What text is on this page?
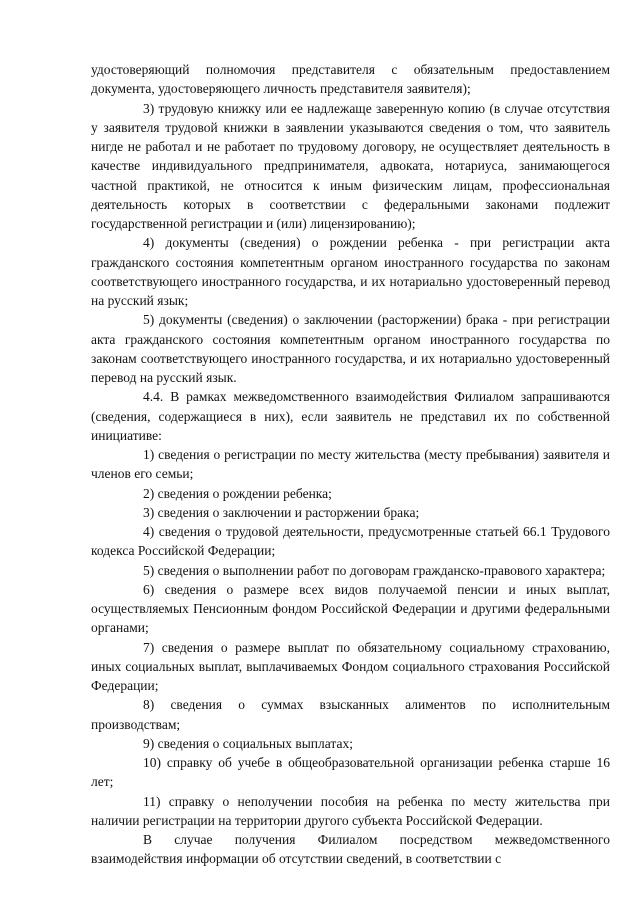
удостоверяющий полномочия представителя с обязательным предоставлением документа, удостоверяющего личность представителя заявителя);

3) трудовую книжку или ее надлежаще заверенную копию (в случае отсутствия у заявителя трудовой книжки в заявлении указываются сведения о том, что заявитель нигде не работал и не работает по трудовому договору, не осуществляет деятельность в качестве индивидуального предпринимателя, адвоката, нотариуса, занимающегося частной практикой, не относится к иным физическим лицам, профессиональная деятельность которых в соответствии с федеральными законами подлежит государственной регистрации и (или) лицензированию);

4) документы (сведения) о рождении ребенка - при регистрации акта гражданского состояния компетентным органом иностранного государства по законам соответствующего иностранного государства, и их нотариально удостоверенный перевод на русский язык;

5) документы (сведения) о заключении (расторжении) брака - при регистрации акта гражданского состояния компетентным органом иностранного государства по законам соответствующего иностранного государства, и их нотариально удостоверенный перевод на русский язык.

4.4. В рамках межведомственного взаимодействия Филиалом запрашиваются (сведения, содержащиеся в них), если заявитель не представил их по собственной инициативе:

1) сведения о регистрации по месту жительства (месту пребывания) заявителя и членов его семьи;

2) сведения о рождении ребенка;

3) сведения о заключении и расторжении брака;

4) сведения о трудовой деятельности, предусмотренные статьей 66.1 Трудового кодекса Российской Федерации;

5) сведения о выполнении работ по договорам гражданско-правового характера;

6) сведения о размере всех видов получаемой пенсии и иных выплат, осуществляемых Пенсионным фондом Российской Федерации и другими федеральными органами;

7) сведения о размере выплат по обязательному социальному страхованию, иных социальных выплат, выплачиваемых Фондом социального страхования Российской Федерации;

8) сведения о суммах взысканных алиментов по исполнительным производствам;

9) сведения о социальных выплатах;

10) справку об учебе в общеобразовательной организации ребенка старше 16 лет;

11) справку о неполучении пособия на ребенка по месту жительства при наличии регистрации на территории другого субъекта Российской Федерации.

В случае получения Филиалом посредством межведомственного взаимодействия информации об отсутствии сведений, в соответствии с
